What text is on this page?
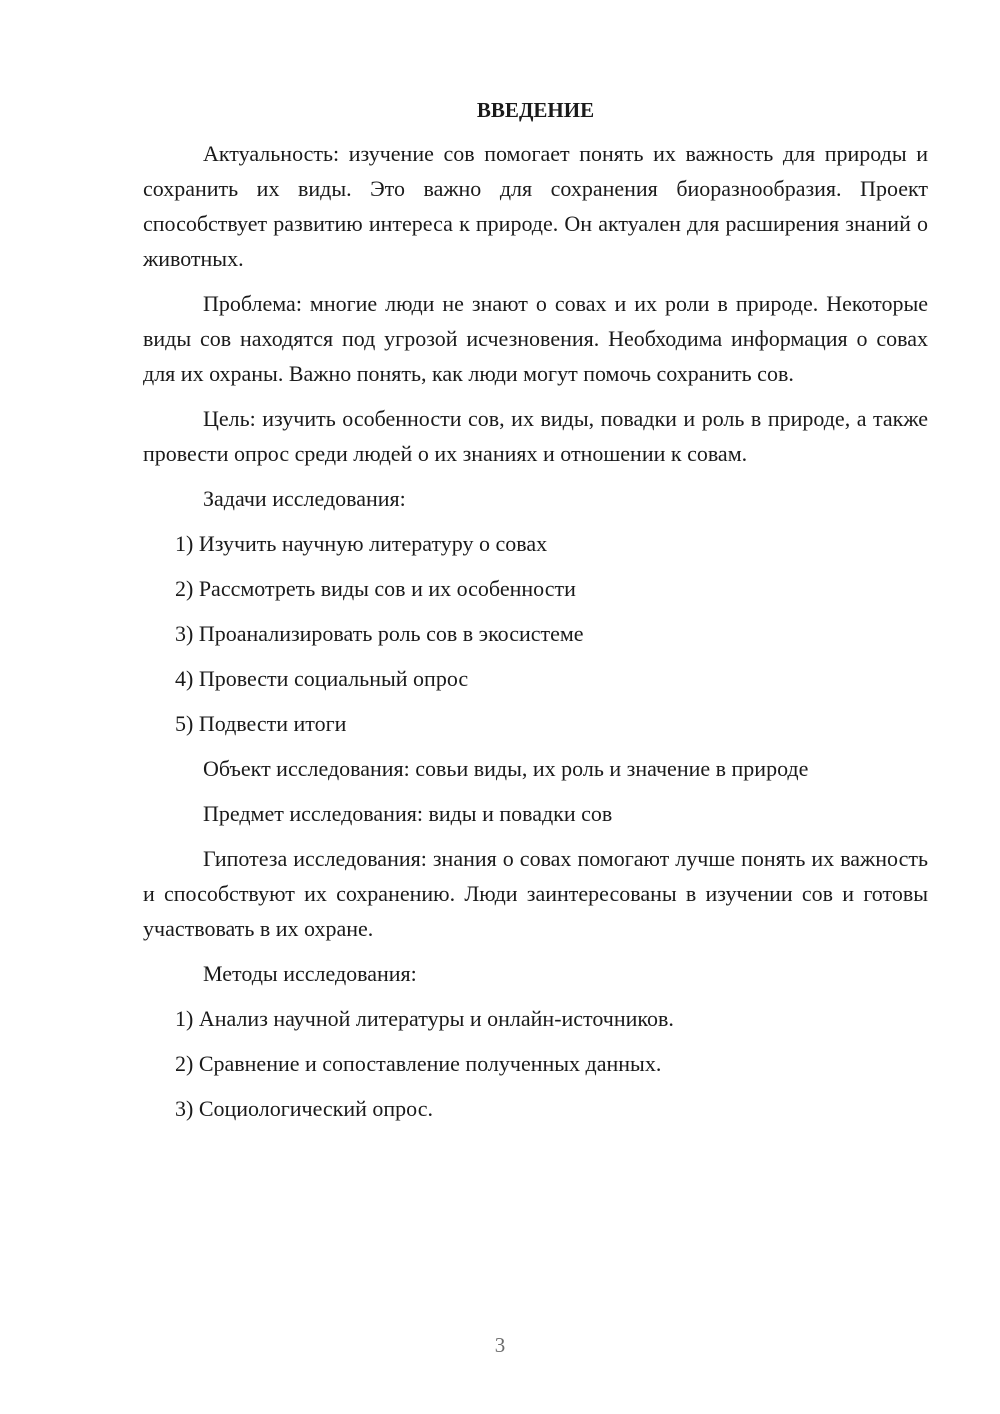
ВВЕДЕНИЕ
Актуальность: изучение сов помогает понять их важность для природы и сохранить их виды. Это важно для сохранения биоразнообразия. Проект способствует развитию интереса к природе. Он актуален для расширения знаний о животных.
Проблема: многие люди не знают о совах и их роли в природе. Некоторые виды сов находятся под угрозой исчезновения. Необходима информация о совах для их охраны. Важно понять, как люди могут помочь сохранить сов.
Цель: изучить особенности сов, их виды, повадки и роль в природе, а также провести опрос среди людей о их знаниях и отношении к совам.
Задачи исследования:
1) Изучить научную литературу о совах
2) Рассмотреть виды сов и их особенности
3) Проанализировать роль сов в экосистеме
4) Провести социальный опрос
5) Подвести итоги
Объект исследования: совьи виды, их роль и значение в природе
Предмет исследования: виды и повадки сов
Гипотеза исследования: знания о совах помогают лучше понять их важность и способствуют их сохранению. Люди заинтересованы в изучении сов и готовы участвовать в их охране.
Методы исследования:
1) Анализ научной литературы и онлайн-источников.
2) Сравнение и сопоставление полученных данных.
3) Социологический опрос.
3
